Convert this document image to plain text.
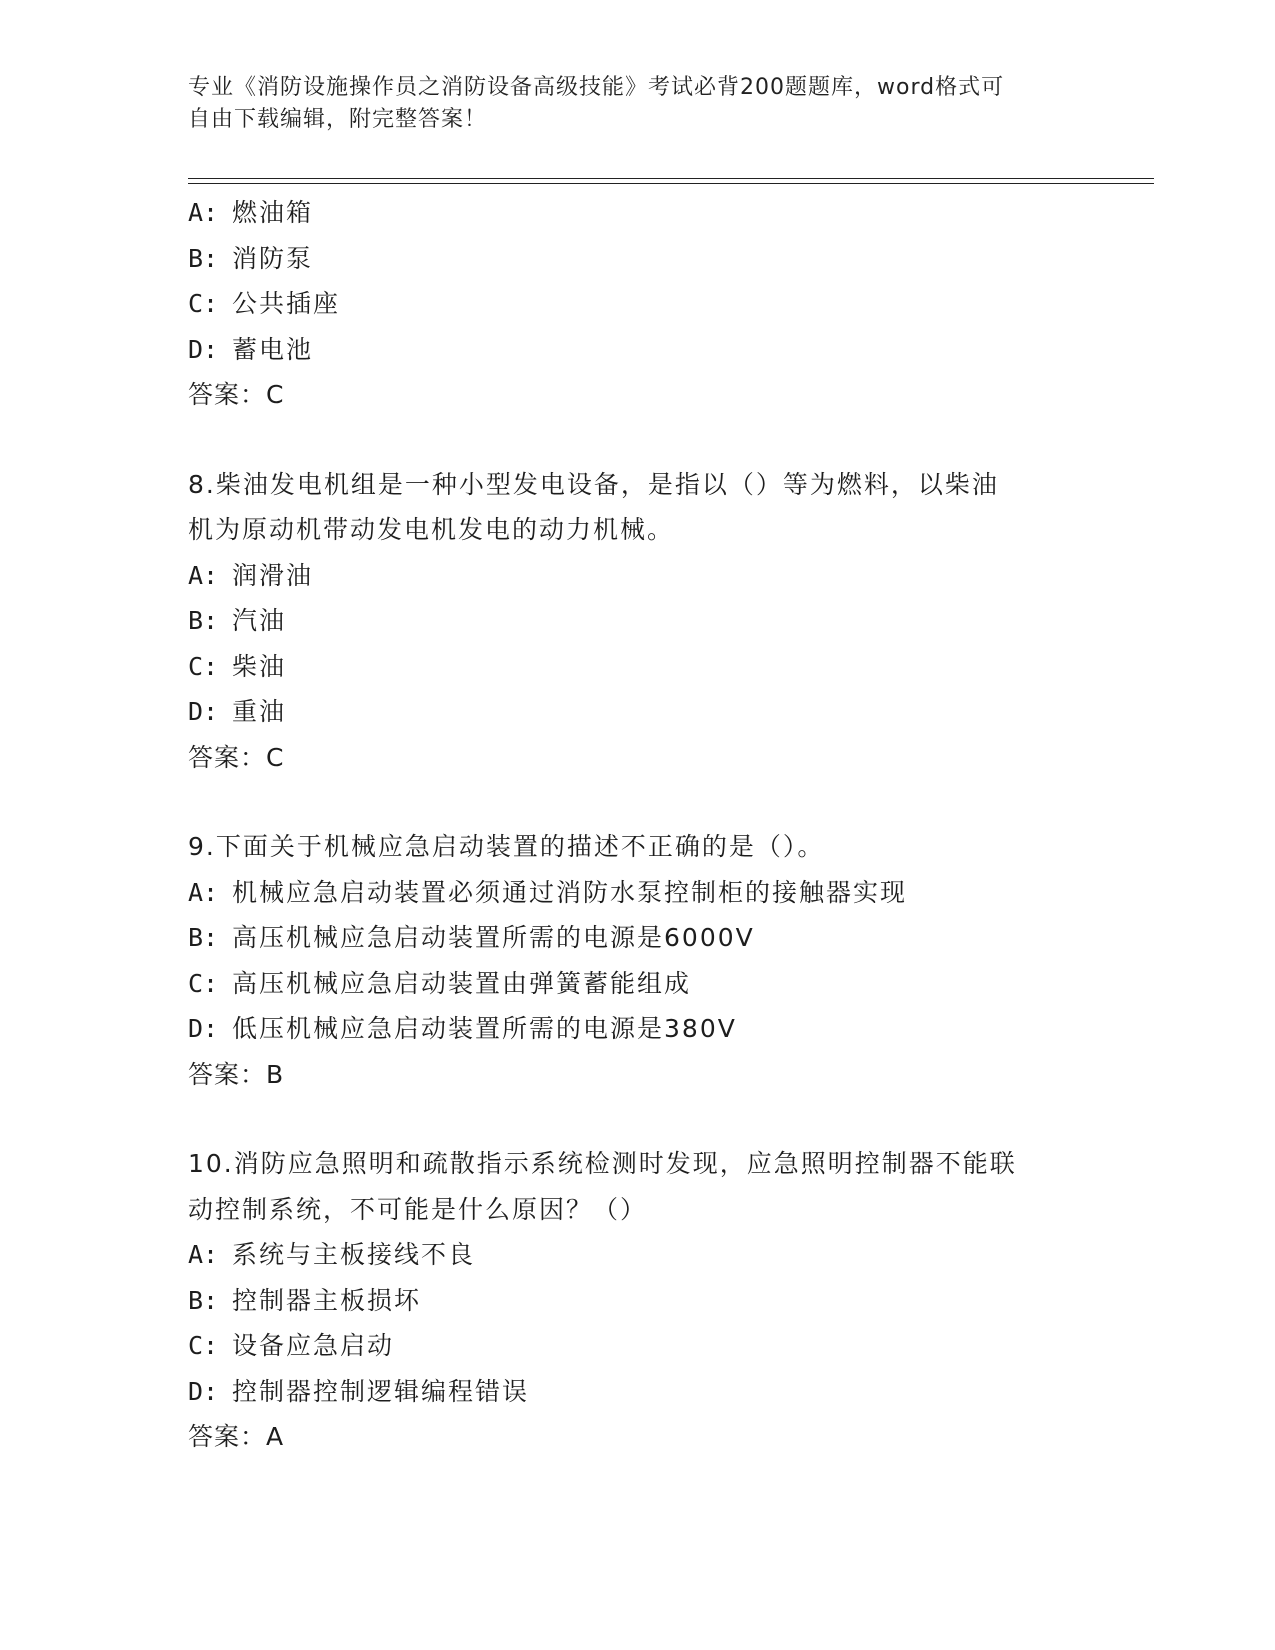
专业《消防设施操作员之消防设备高级技能》考试必背200题题库，word格式可
自由下载编辑，附完整答案！
A: 燃油箱
B: 消防泵
C: 公共插座
D: 蓄电池
答案：C
8.柴油发电机组是一种小型发电设备，是指以（）等为燃料，以柴油
机为原动机带动发电机发电的动力机械。
A: 润滑油
B: 汽油
C: 柴油
D: 重油
答案：C
9.下面关于机械应急启动装置的描述不正确的是（）。
A: 机械应急启动装置必须通过消防水泵控制柜的接触器实现
B: 高压机械应急启动装置所需的电源是6000V
C: 高压机械应急启动装置由弹簧蓄能组成
D: 低压机械应急启动装置所需的电源是380V
答案：B
10.消防应急照明和疏散指示系统检测时发现，应急照明控制器不能联
动控制系统，不可能是什么原因？（）
A: 系统与主板接线不良
B: 控制器主板损坏
C: 设备应急启动
D: 控制器控制逻辑编程错误
答案：A
